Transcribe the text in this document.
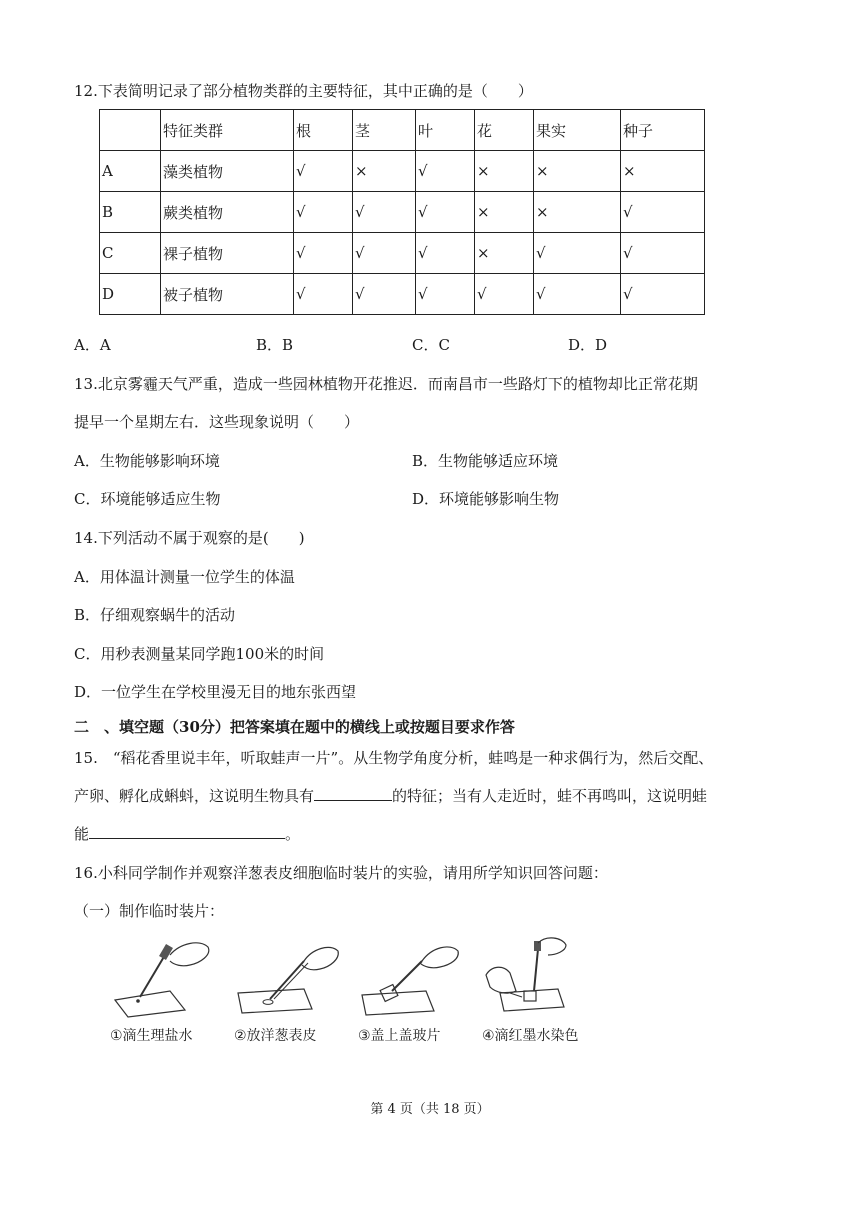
12.下表简明记录了部分植物类群的主要特征，其中正确的是（　　）
	特征类群	根	茎	叶	花	果实	种子
A	藻类植物	√	×	√	×	×	×
B	蕨类植物	√	√	√	×	×	√
C	裸子植物	√	√	√	×	√	√
D	被子植物	√	√	√	√	√	√
A．A	B．B	C．C	D．D
13.北京雾霾天气严重，造成一些园林植物开花推迟．而南昌市一些路灯下的植物却比正常花期
提早一个星期左右．这些现象说明（　　）
A．生物能够影响环境	B．生物能够适应环境
C．环境能够适应生物	D．环境能够影响生物
14.下列活动不属于观察的是(　　)
A．用体温计测量一位学生的体温
B．仔细观察蜗牛的活动
C．用秒表测量某同学跑100米的时间
D．一位学生在学校里漫无目的地东张西望
二　、填空题（30分）把答案填在题中的横线上或按题目要求作答
15.　“稻花香里说丰年，听取蛙声一片”。从生物学角度分析，蛙鸣是一种求偶行为，然后交配、
产卵、孵化成蝌蚪，这说明生物具有	的特征；当有人走近时，蛙不再鸣叫，这说明蛙
能	。
16.小科同学制作并观察洋葱表皮细胞临时装片的实验，请用所学知识回答问题：
（一）制作临时装片：
①滴生理盐水	②放洋葱表皮	③盖上盖玻片	④滴红墨水染色
第 4 页（共 18 页）
